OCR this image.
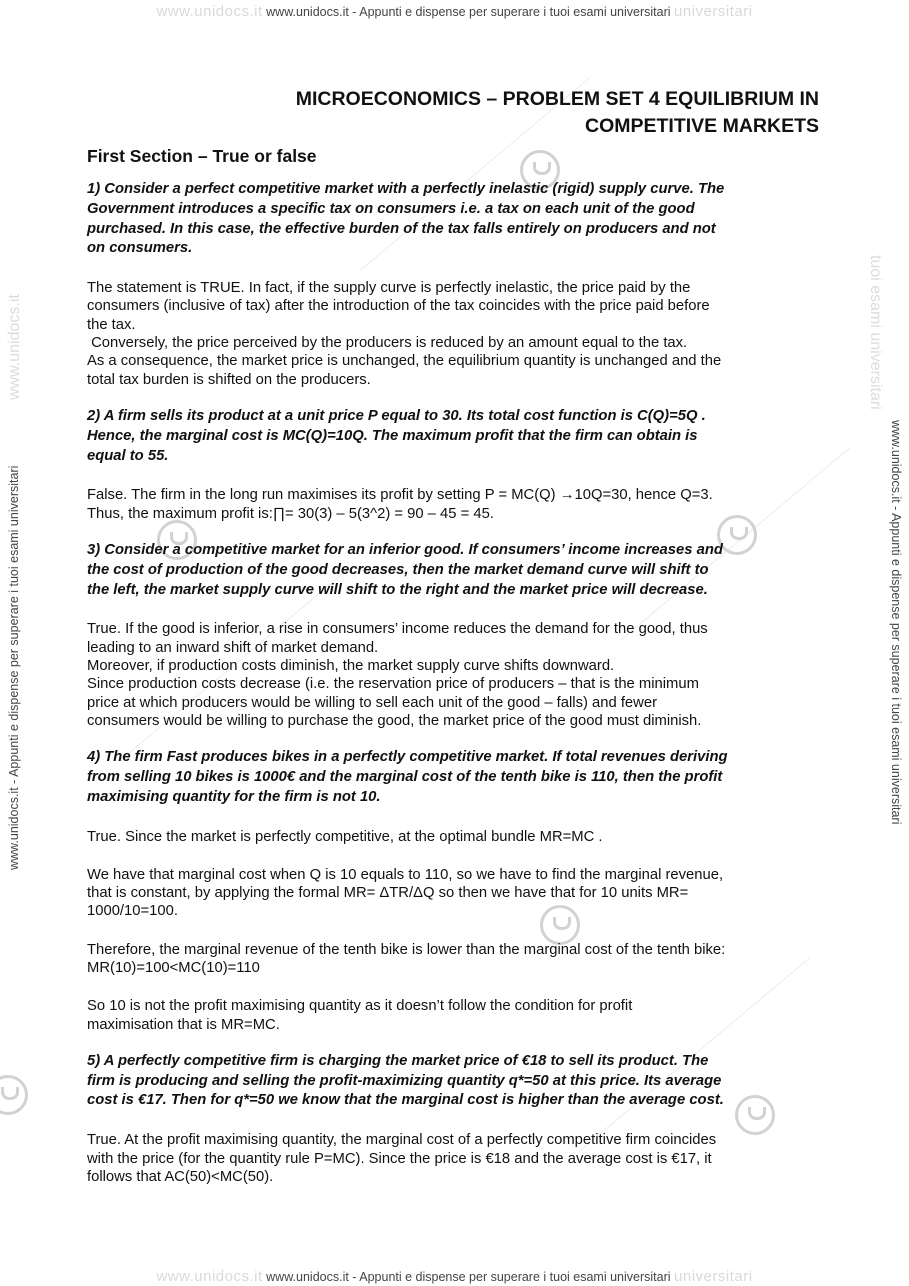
www.unidocs.it www.unidocs.it - Appunti e dispense per superare i tuoi esami universitari universitari
www.unidocs.it www.unidocs.it - Appunti e dispense per superare i tuoi esami universitari universitari
www.unidocs.it - Appunti e dispense per superare i tuoi esami universitari	www.unidocs.it - Appunti e dispense per superare i tuoi esami universitari
www.unidocs.it	tuoi esami universitari
MICROECONOMICS – PROBLEM SET 4 EQUILIBRIUM IN
COMPETITIVE MARKETS
First Section – True or false

1) Consider a perfect competitive market with a perfectly inelastic (rigid) supply curve. The
Government introduces a specific tax on consumers i.e. a tax on each unit of the good
purchased. In this case, the effective burden of the tax falls entirely on producers and not
on consumers.

The statement is TRUE. In fact, if the supply curve is perfectly inelastic, the price paid by the
consumers (inclusive of tax) after the introduction of the tax coincides with the price paid before
the tax.
Conversely, the price perceived by the producers is reduced by an amount equal to the tax.
As a consequence, the market price is unchanged, the equilibrium quantity is unchanged and the
total tax burden is shifted on the producers.

2) A firm sells its product at a unit price P equal to 30. Its total cost function is C(Q)=5Q .
Hence, the marginal cost is MC(Q)=10Q. The maximum profit that the firm can obtain is
equal to 55.

False. The firm in the long run maximises its profit by setting P = MC(Q) →10Q=30, hence Q=3.
Thus, the maximum profit is:∏= 30(3) – 5(3^2) = 90 – 45 = 45.

3) Consider a competitive market for an inferior good. If consumers’ income increases and
the cost of production of the good decreases, then the market demand curve will shift to
the left, the market supply curve will shift to the right and the market price will decrease.

True. If the good is inferior, a rise in consumers’ income reduces the demand for the good, thus
leading to an inward shift of market demand.
Moreover, if production costs diminish, the market supply curve shifts downward.
Since production costs decrease (i.e. the reservation price of producers – that is the minimum
price at which producers would be willing to sell each unit of the good – falls) and fewer
consumers would be willing to purchase the good, the market price of the good must diminish.

4) The firm Fast produces bikes in a perfectly competitive market. If total revenues deriving
from selling 10 bikes is 1000€ and the marginal cost of the tenth bike is 110, then the profit
maximising quantity for the firm is not 10.

True. Since the market is perfectly competitive, at the optimal bundle MR=MC .

We have that marginal cost when Q is 10 equals to 110, so we have to find the marginal revenue,
that is constant, by applying the formal MR= ΔTR/ΔQ so then we have that for 10 units MR=
1000/10=100.

Therefore, the marginal revenue of the tenth bike is lower than the marginal cost of the tenth bike:
MR(10)=100<MC(10)=110

So 10 is not the profit maximising quantity as it doesn’t follow the condition for profit
maximisation that is MR=MC.

5) A perfectly competitive firm is charging the market price of €18 to sell its product. The
firm is producing and selling the profit-maximizing quantity q*=50 at this price. Its average
cost is €17. Then for q*=50 we know that the marginal cost is higher than the average cost.

True. At the profit maximising quantity, the marginal cost of a perfectly competitive firm coincides
with the price (for the quantity rule P=MC). Since the price is €18 and the average cost is €17, it
follows that AC(50)<MC(50).
